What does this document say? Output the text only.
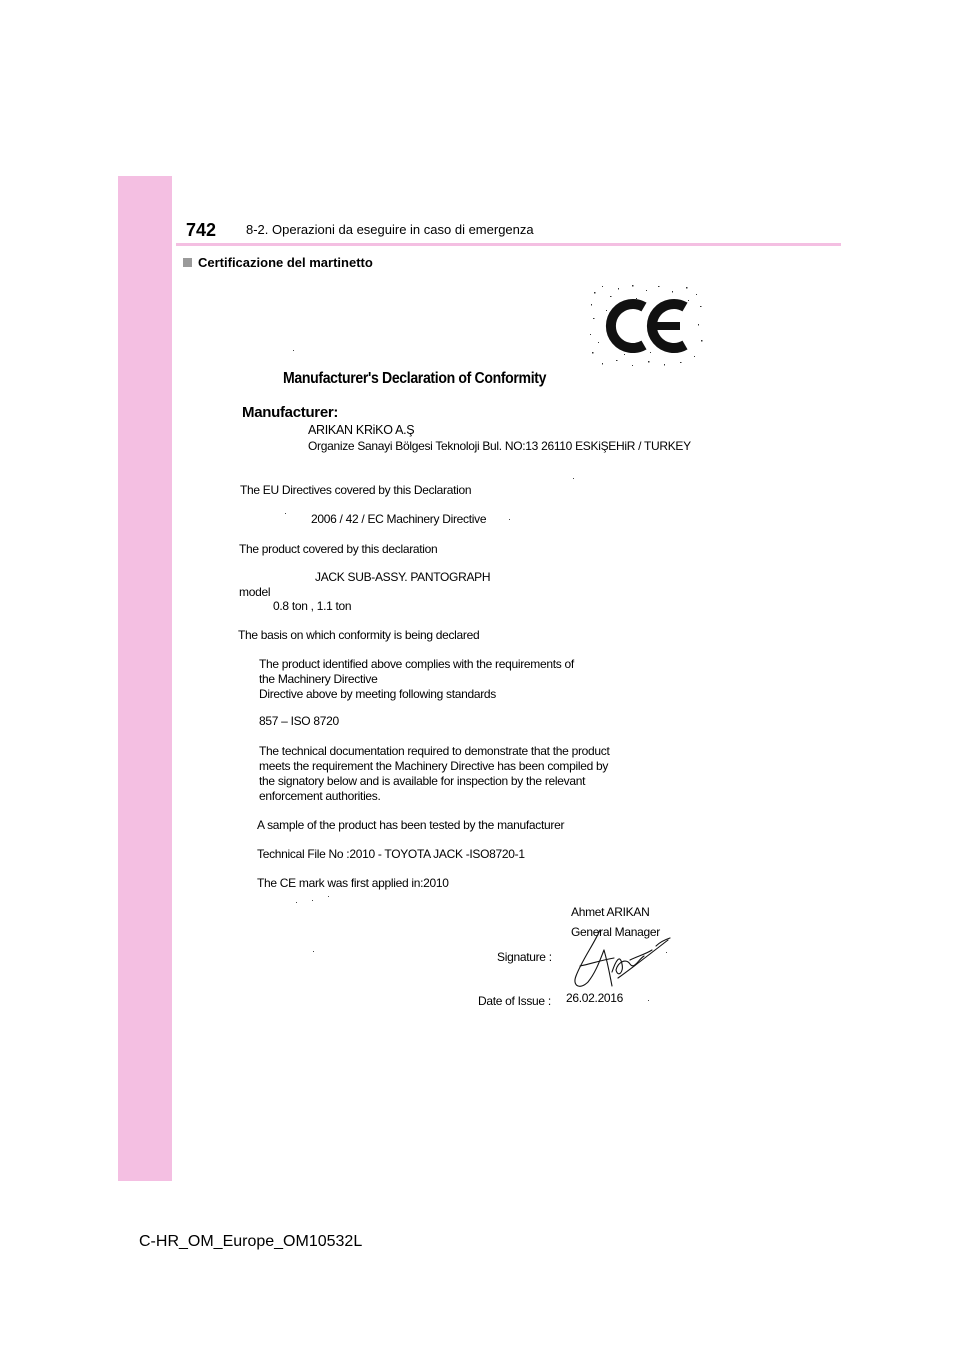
742 8-2. Operazioni da eseguire in caso di emergenza
Certificazione del martinetto
Manufacturer's Declaration of Conformity
Manufacturer:
ARIKAN KRiKO A.Ş
Organize Sanayi Bölgesi Teknoloji Bul. NO:13 26110 ESKiŞEHiR / TURKEY
The EU Directives covered by this Declaration
2006 / 42 / EC Machinery Directive
The product covered by this declaration
JACK SUB-ASSY. PANTOGRAPH
model
0.8 ton , 1.1 ton
The basis on which conformity is being declared
The product identified above complies with the requirements of
the Machinery Directive
Directive above by meeting following standards
857 – ISO 8720
The technical documentation required to demonstrate that the product
meets the requirement the Machinery Directive has been compiled by
the signatory below and is available for inspection by the relevant
enforcement authorities.
A sample of the product has been tested by the manufacturer
Technical File No :2010 - TOYOTA JACK -ISO8720-1
The CE mark was first applied in:2010
Ahmet ARIKAN
General Manager
Signature :
Date of Issue : 26.02.2016
C-HR_OM_Europe_OM10532L
